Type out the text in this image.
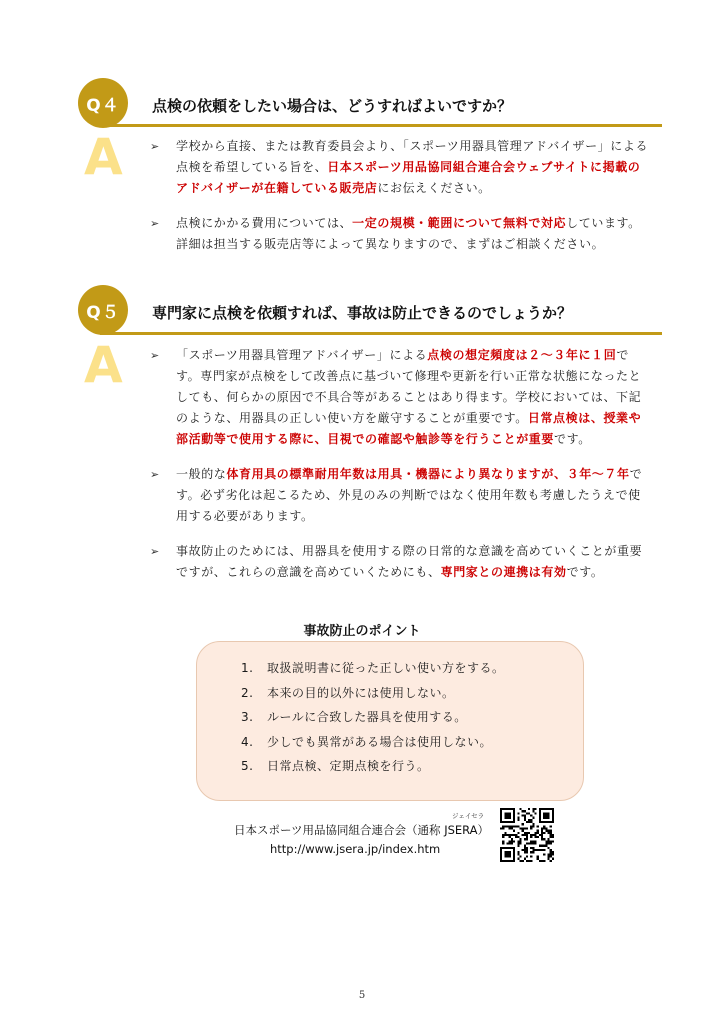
Q４	点検の依頼をしたい場合は、どうすればよいですか？
A ➢ 学校から直接、または教育委員会より、「スポーツ用器具管理アドバイザー」による点検を希望している旨を、日本スポーツ用品協同組合連合会ウェブサイトに掲載のアドバイザーが在籍している販売店にお伝えください。
➢ 点検にかかる費用については、一定の規模・範囲について無料で対応しています。詳細は担当する販売店等によって異なりますので、まずはご相談ください。
Q５	専門家に点検を依頼すれば、事故は防止できるのでしょうか？
A ➢ 「スポーツ用器具管理アドバイザー」による点検の想定頻度は２～３年に１回です。専門家が点検をして改善点に基づいて修理や更新を行い正常な状態になったとしても、何らかの原因で不具合等があることはあり得ます。学校においては、下記のような、用器具の正しい使い方を厳守することが重要です。日常点検は、授業や部活動等で使用する際に、目視での確認や触診等を行うことが重要です。
➢ 一般的な体育用具の標準耐用年数は用具・機器により異なりますが、３年～７年です。必ず劣化は起こるため、外見のみの判断ではなく使用年数も考慮したうえで使用する必要があります。
➢ 事故防止のためには、用器具を使用する際の日常的な意識を高めていくことが重要ですが、これらの意識を高めていくためにも、専門家との連携は有効です。
事故防止のポイント
1. 取扱説明書に従った正しい使い方をする。
2. 本来の目的以外には使用しない。
3. ルールに合致した器具を使用する。
4. 少しでも異常がある場合は使用しない。
5. 日常点検、定期点検を行う。
ジェイセラ
日本スポーツ用品協同組合連合会（通称 JSERA）
http://www.jsera.jp/index.htm
5
